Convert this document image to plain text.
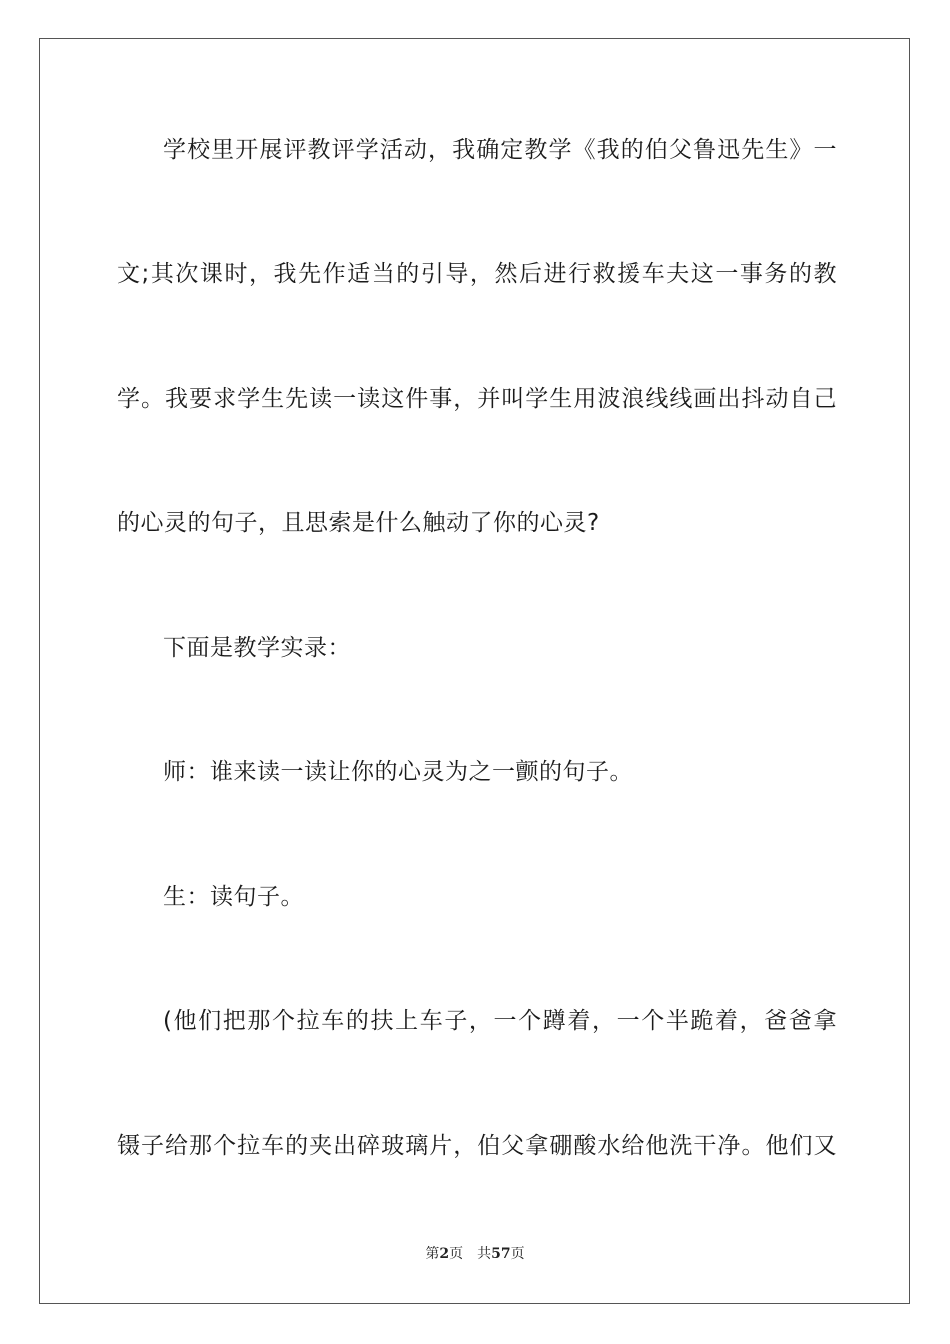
学校里开展评教评学活动，我确定教学《我的伯父鲁迅先生》一
文;其次课时，我先作适当的引导，然后进行救援车夫这一事务的教
学。我要求学生先读一读这件事，并叫学生用波浪线线画出抖动自己
的心灵的句子，且思索是什么触动了你的心灵?
下面是教学实录：
师：谁来读一读让你的心灵为之一颤的句子。
生：读句子。
(他们把那个拉车的扶上车子，一个蹲着，一个半跪着，爸爸拿
镊子给那个拉车的夹出碎玻璃片，伯父拿硼酸水给他洗干净。他们又
第2页 共57页
